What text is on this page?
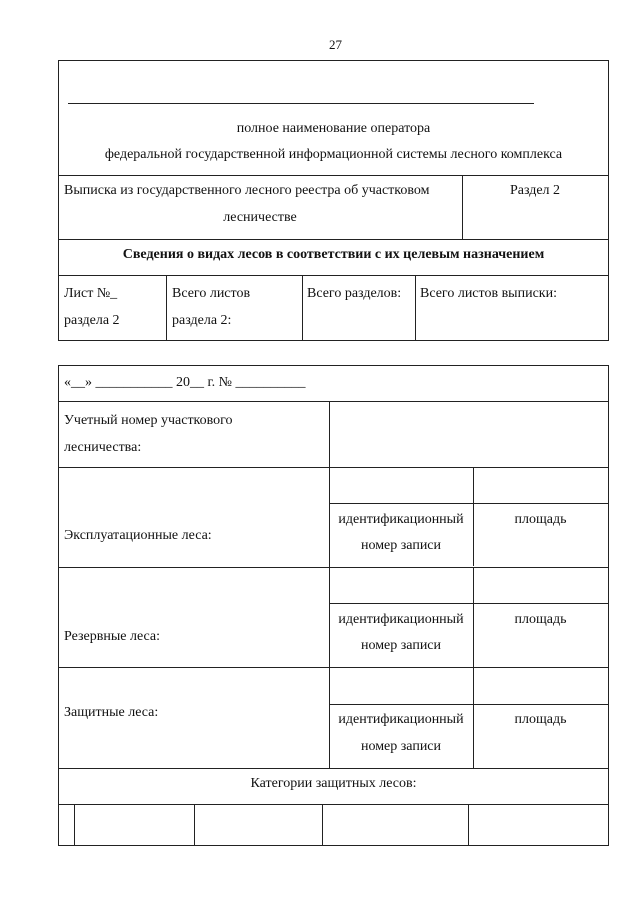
27
полное наименование оператора
федеральной государственной информационной системы лесного комплекса
Выписка из государственного лесного реестра об участковом
лесничестве
Раздел 2
Сведения о видах лесов в соответствии с их целевым назначением
Лист №_
раздела 2
Всего листов
раздела 2:
Всего разделов: Всего листов выписки:
«__» ___________ 20__ г. № __________
Учетный номер участкового
лесничества:
Эксплуатационные леса:
идентификационный
номер записи
площадь
Резервные леса:
идентификационный
номер записи
площадь
Защитные леса:	идентификационный
номер записи
площадь
Категории защитных лесов:
